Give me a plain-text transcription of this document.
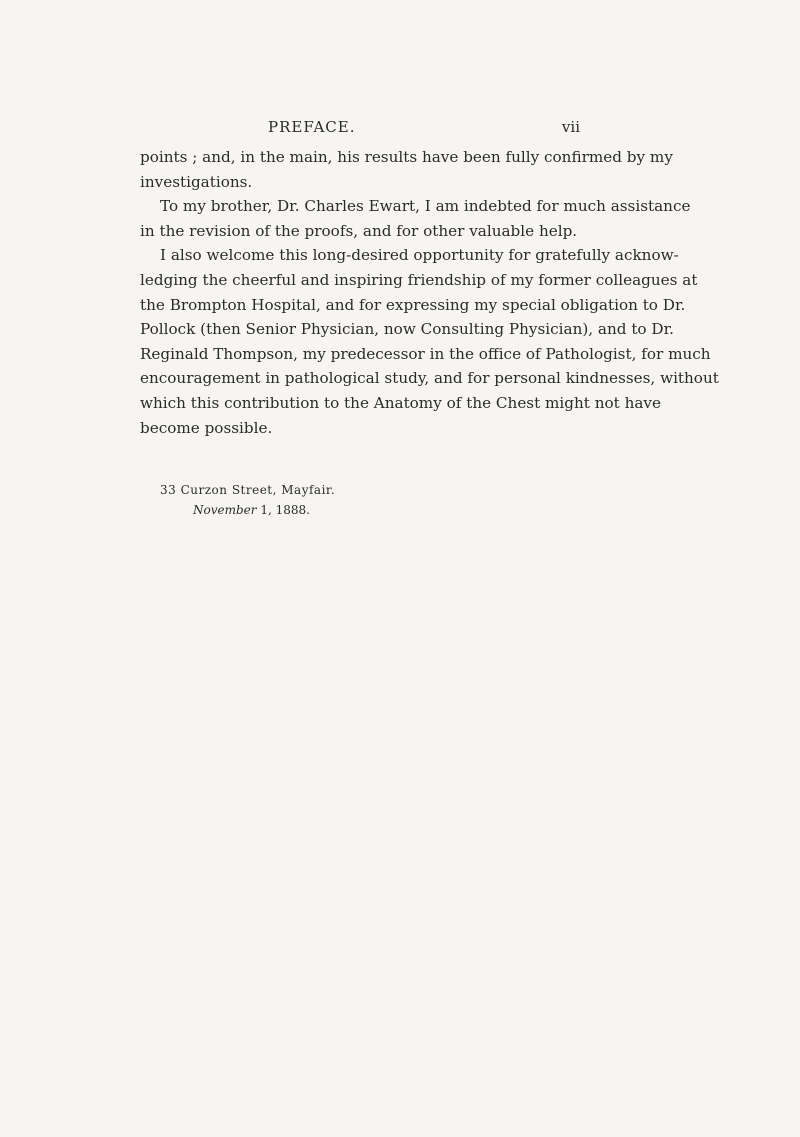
PREFACE.	vii
points ; and, in the main, his results have been fully confirmed by my
investigations.
To my brother, Dr. Charles Ewart, I am indebted for much assistance
in the revision of the proofs, and for other valuable help.
I also welcome this long-desired opportunity for gratefully acknow-
ledging the cheerful and inspiring friendship of my former colleagues at
the Brompton Hospital, and for expressing my special obligation to Dr.
Pollock (then Senior Physician, now Consulting Physician), and to Dr.
Reginald Thompson, my predecessor in the office of Pathologist, for much
encouragement in pathological study, and for personal kindnesses, without
which this contribution to the Anatomy of the Chest might not have
become possible.
33 Curzon Street, Mayfair.
November 1, 1888.
